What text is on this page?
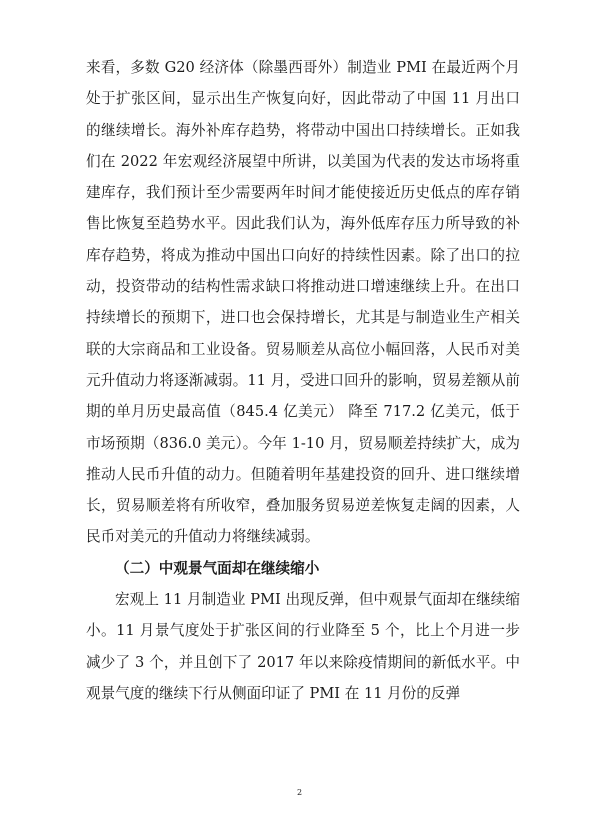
来看，多数 G20 经济体（除墨西哥外）制造业 PMI 在最近两个月处于扩张区间，显示出生产恢复向好，因此带动了中国 11 月出口的继续增长。海外补库存趋势，将带动中国出口持续增长。正如我们在 2022 年宏观经济展望中所讲，以美国为代表的发达市场将重建库存，我们预计至少需要两年时间才能使接近历史低点的库存销售比恢复至趋势水平。因此我们认为，海外低库存压力所导致的补库存趋势，将成为推动中国出口向好的持续性因素。除了出口的拉动，投资带动的结构性需求缺口将推动进口增速继续上升。在出口持续增长的预期下，进口也会保持增长，尤其是与制造业生产相关联的大宗商品和工业设备。贸易顺差从高位小幅回落，人民币对美元升值动力将逐渐减弱。11 月，受进口回升的影响，贸易差额从前期的单月历史最高值（845.4 亿美元） 降至 717.2 亿美元，低于市场预期（836.0 美元）。今年 1-10 月，贸易顺差持续扩大，成为推动人民币升值的动力。但随着明年基建投资的回升、进口继续增长，贸易顺差将有所收窄，叠加服务贸易逆差恢复走阔的因素，人民币对美元的升值动力将继续减弱。

（二）中观景气面却在继续缩小

宏观上 11 月制造业 PMI 出现反弹，但中观景气面却在继续缩小。11 月景气度处于扩张区间的行业降至 5 个，比上个月进一步减少了 3 个，并且创下了 2017 年以来除疫情期间的新低水平。中观景气度的继续下行从侧面印证了 PMI 在 11 月份的反弹

2
